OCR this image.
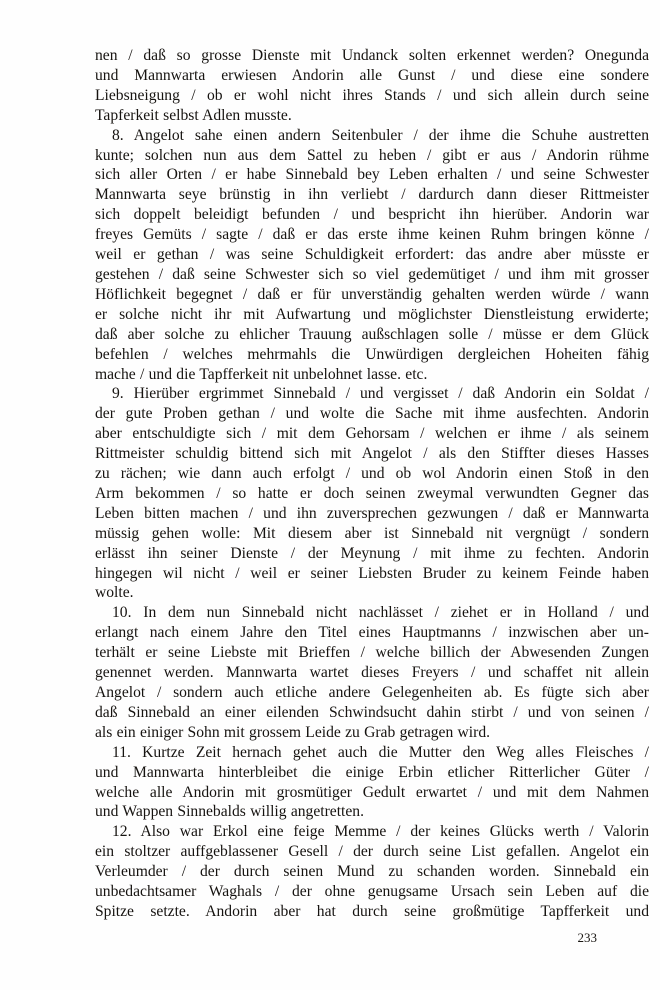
nen / daß so grosse Dienste mit Undanck solten erkennet werden? Onegunda
und Mannwarta erwiesen Andorin alle Gunst / und diese eine sondere
Liebsneigung / ob er wohl nicht ihres Stands / und sich allein durch seine
Tapferkeit selbst Adlen musste.
8. Angelot sahe einen andern Seitenbuler / der ihme die Schuhe austretten
kunte; solchen nun aus dem Sattel zu heben / gibt er aus / Andorin rühme
sich aller Orten / er habe Sinnebald bey Leben erhalten / und seine Schwester
Mannwarta seye brünstig in ihn verliebt / dardurch dann dieser Rittmeister
sich doppelt beleidigt befunden / und bespricht ihn hierüber. Andorin war
freyes Gemüts / sagte / daß er das erste ihme keinen Ruhm bringen könne /
weil er gethan / was seine Schuldigkeit erfordert: das andre aber müsste er
gestehen / daß seine Schwester sich so viel gedemütiget / und ihm mit grosser
Höflichkeit begegnet / daß er für unverständig gehalten werden würde / wann
er solche nicht ihr mit Aufwartung und möglichster Dienstleistung erwiderte;
daß aber solche zu ehlicher Trauung außschlagen solle / müsse er dem Glück
befehlen / welches mehrmahls die Unwürdigen dergleichen Hoheiten fähig
mache / und die Tapfferkeit nit unbelohnet lasse. etc.
9. Hierüber ergrimmet Sinnebald / und vergisset / daß Andorin ein Soldat /
der gute Proben gethan / und wolte die Sache mit ihme ausfechten. Andorin
aber entschuldigte sich / mit dem Gehorsam / welchen er ihme / als seinem
Rittmeister schuldig bittend sich mit Angelot / als den Stiffter dieses Hasses
zu rächen; wie dann auch erfolgt / und ob wol Andorin einen Stoß in den
Arm bekommen / so hatte er doch seinen zweymal verwundten Gegner das
Leben bitten machen / und ihn zuversprechen gezwungen / daß er Mannwarta
müssig gehen wolle: Mit diesem aber ist Sinnebald nit vergnügt / sondern
erlässt ihn seiner Dienste / der Meynung / mit ihme zu fechten. Andorin
hingegen wil nicht / weil er seiner Liebsten Bruder zu keinem Feinde haben
wolte.
10. In dem nun Sinnebald nicht nachlässet / ziehet er in Holland / und
erlangt nach einem Jahre den Titel eines Hauptmanns / inzwischen aber un-
terhält er seine Liebste mit Brieffen / welche billich der Abwesenden Zungen
genennet werden. Mannwarta wartet dieses Freyers / und schaffet nit allein
Angelot / sondern auch etliche andere Gelegenheiten ab. Es fügte sich aber
daß Sinnebald an einer eilenden Schwindsucht dahin stirbt / und von seinen /
als ein einiger Sohn mit grossem Leide zu Grab getragen wird.
11. Kurtze Zeit hernach gehet auch die Mutter den Weg alles Fleisches /
und Mannwarta hinterbleibet die einige Erbin etlicher Ritterlicher Güter /
welche alle Andorin mit grosmütiger Gedult erwartet / und mit dem Nahmen
und Wappen Sinnebalds willig angetretten.
12. Also war Erkol eine feige Memme / der keines Glücks werth / Valorin
ein stoltzer auffgeblassener Gesell / der durch seine List gefallen. Angelot ein
Verleumder / der durch seinen Mund zu schanden worden. Sinnebald ein
unbedachtsamer Waghals / der ohne genugsame Ursach sein Leben auf die
Spitze setzte. Andorin aber hat durch seine großmütige Tapfferkeit und
233
